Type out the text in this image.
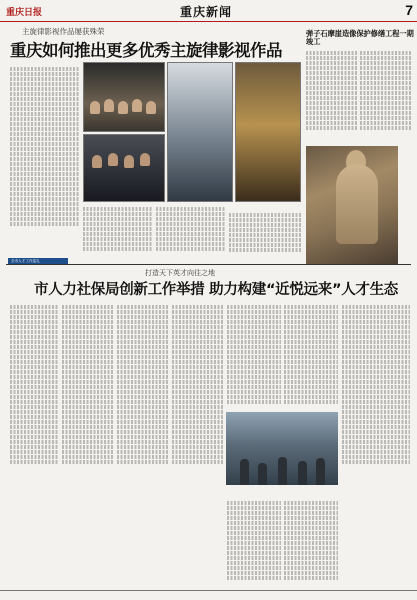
重庆日报	重庆新闻	7
主旋律影视作品屡获殊荣
重庆如何推出更多优秀主旋律影视作品
弹子石摩崖造像保护修缮工程一期竣工
全市人才工作巡礼
打造天下英才向往之地
市人力社保局创新工作举措 助力构建“近悦远来”人才生态
